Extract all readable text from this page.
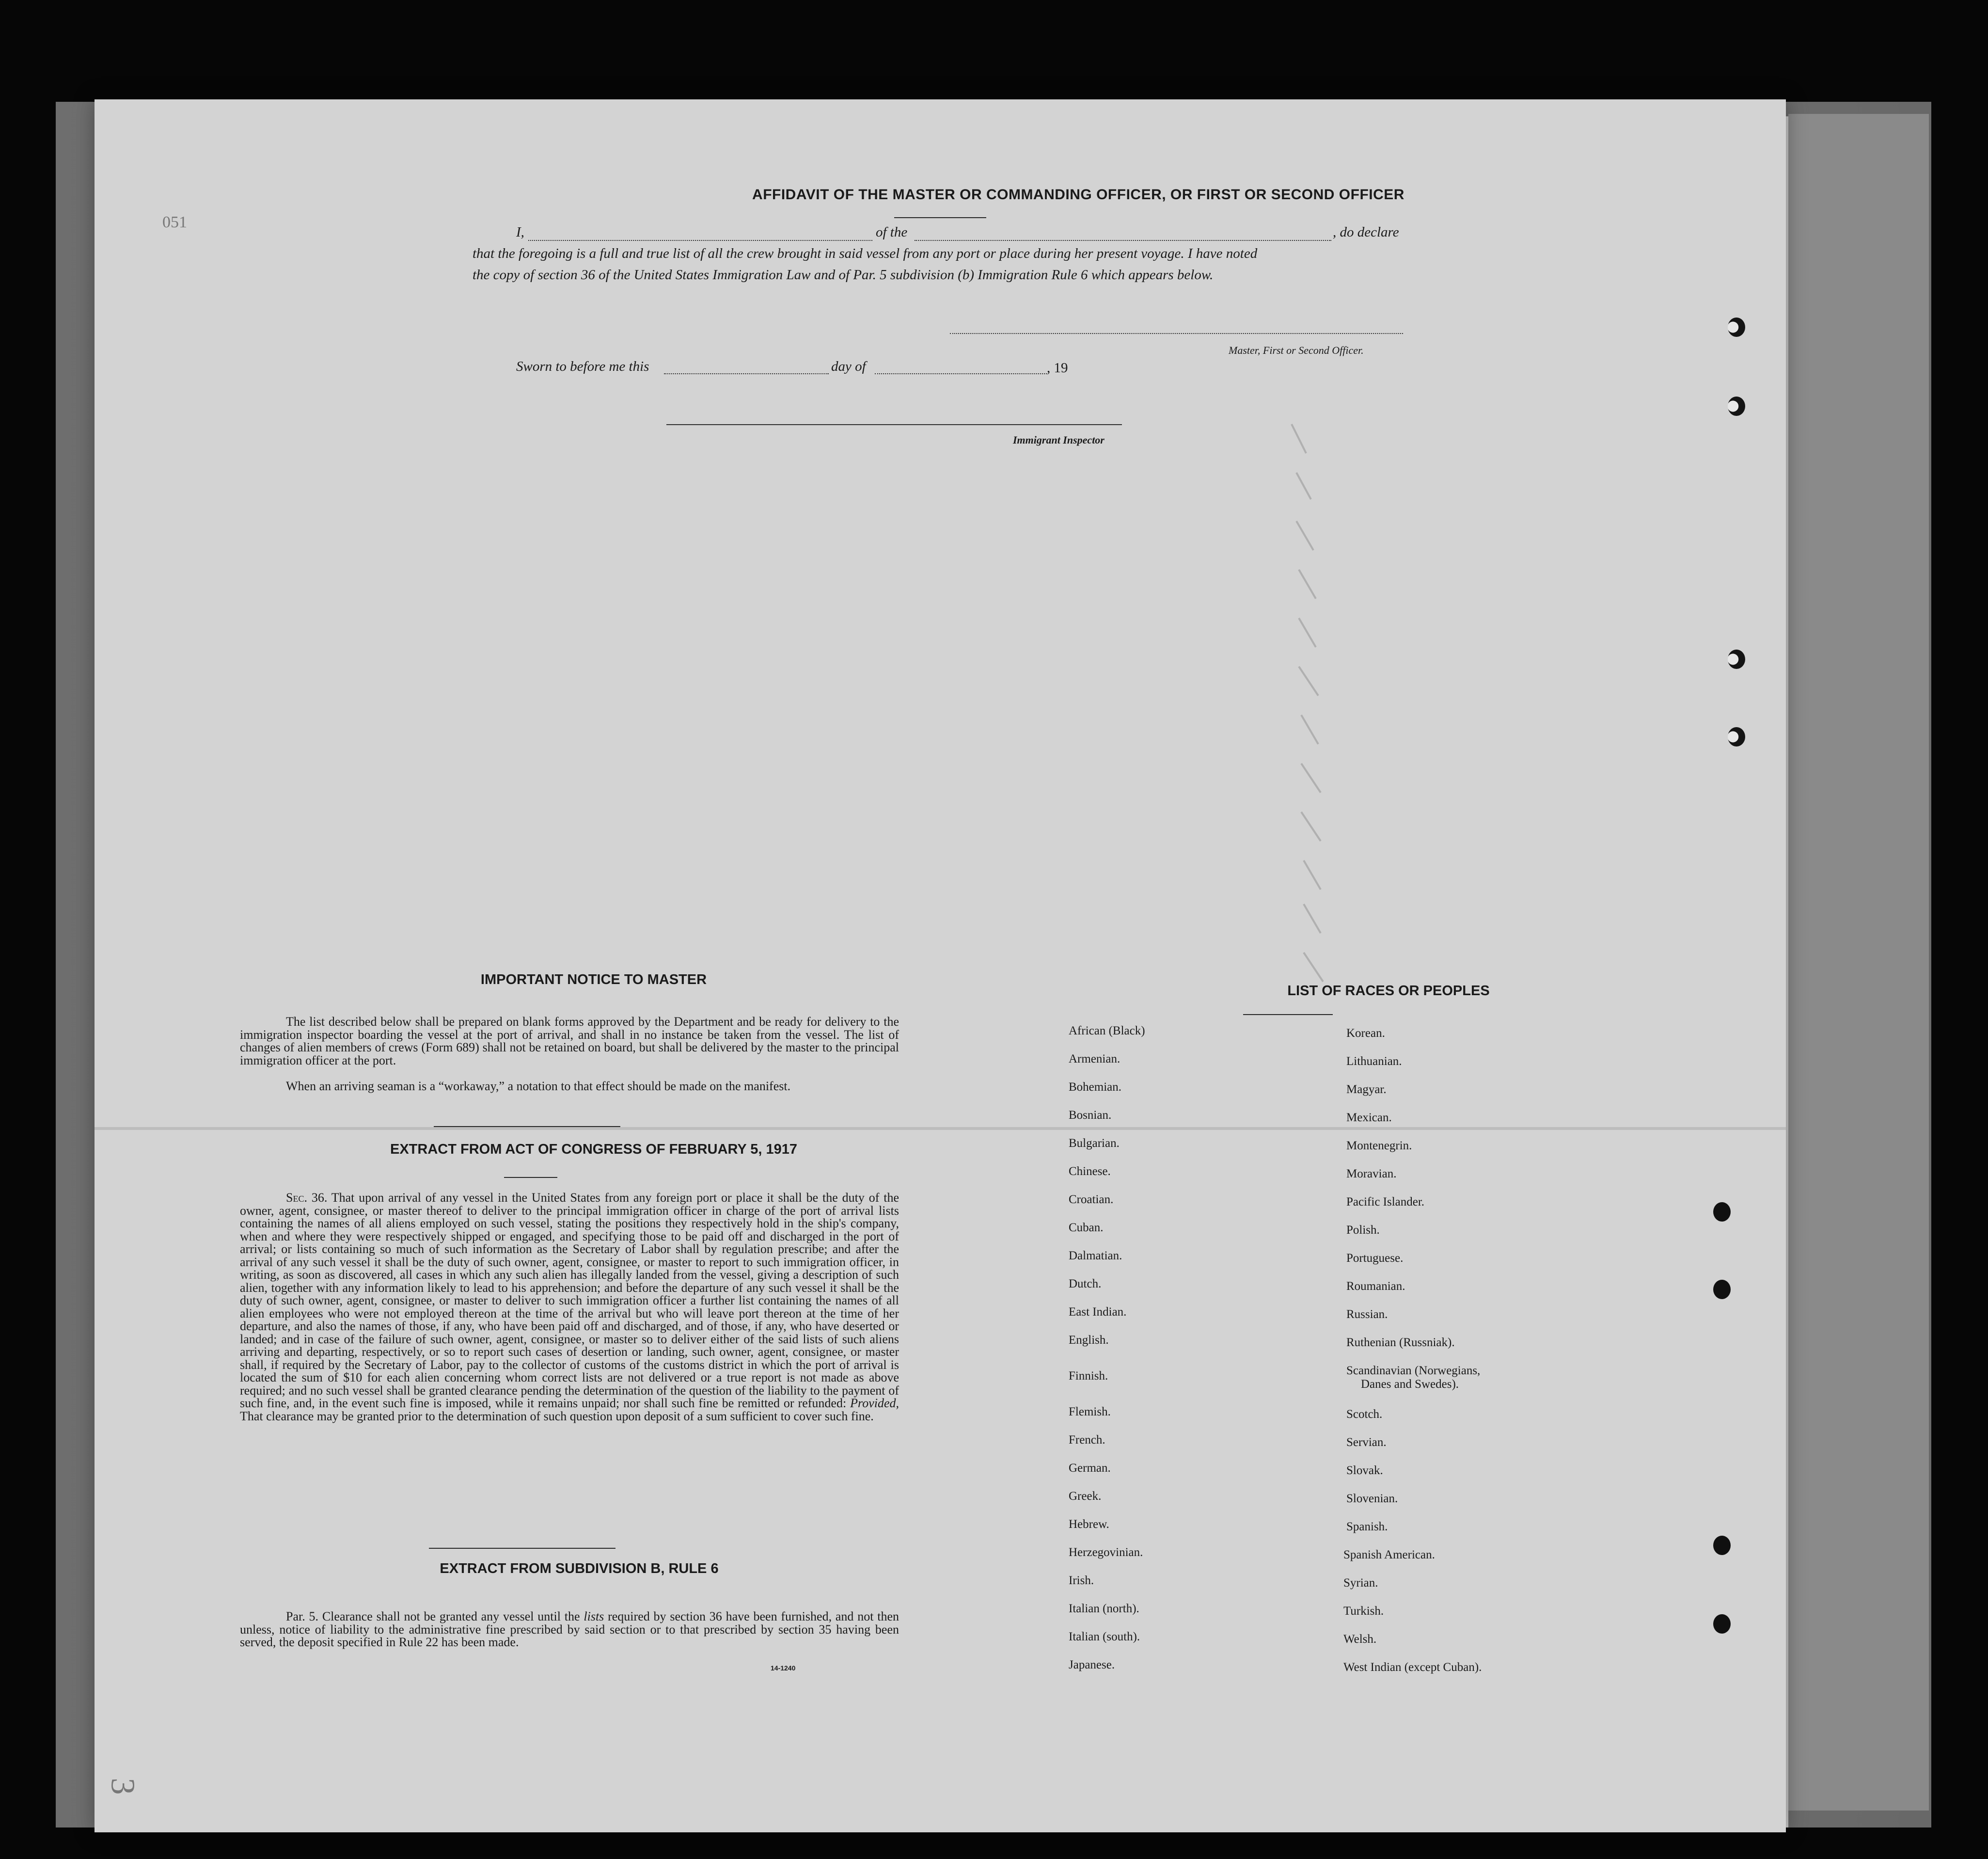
051
3
AFFIDAVIT OF THE MASTER OR COMMANDING OFFICER, OR FIRST OR SECOND OFFICER
I,	of the	, do declare
that the foregoing is a full and true list of all the crew brought in said vessel from any port or place during her present voyage. I have noted
the copy of section 36 of the United States Immigration Law and of Par. 5 subdivision (b) Immigration Rule 6 which appears below.
Master, First or Second Officer.
Sworn to before me this	day of	, 19
Immigrant Inspector
IMPORTANT NOTICE TO MASTER
The list described below shall be prepared on blank forms approved by the Department and be ready for delivery to the immigration inspector boarding the vessel at the port of arrival, and shall in no instance be taken from the vessel. The list of changes of alien members of crews (Form 689) shall not be retained on board, but shall be delivered by the master to the principal immigration officer at the port.
When an arriving seaman is a “workaway,” a notation to that effect should be made on the manifest.
EXTRACT FROM ACT OF CONGRESS OF FEBRUARY 5, 1917
Sec. 36. That upon arrival of any vessel in the United States from any foreign port or place it shall be the duty of the owner, agent, consignee, or master thereof to deliver to the principal immigration officer in charge of the port of arrival lists containing the names of all aliens employed on such vessel, stating the positions they respectively hold in the ship's company, when and where they were respectively shipped or engaged, and specifying those to be paid off and discharged in the port of arrival; or lists containing so much of such information as the Secretary of Labor shall by regulation prescribe; and after the arrival of any such vessel it shall be the duty of such owner, agent, consignee, or master to report to such immigration officer, in writing, as soon as discovered, all cases in which any such alien has illegally landed from the vessel, giving a description of such alien, together with any information likely to lead to his apprehension; and before the departure of any such vessel it shall be the duty of such owner, agent, consignee, or master to deliver to such immigration officer a further list containing the names of all alien employees who were not employed thereon at the time of the arrival but who will leave port thereon at the time of her departure, and also the names of those, if any, who have been paid off and discharged, and of those, if any, who have deserted or landed; and in case of the failure of such owner, agent, consignee, or master so to deliver either of the said lists of such aliens arriving and departing, respectively, or so to report such cases of desertion or landing, such owner, agent, consignee, or master shall, if required by the Secretary of Labor, pay to the collector of customs of the customs district in which the port of arrival is located the sum of $10 for each alien concerning whom correct lists are not delivered or a true report is not made as above required; and no such vessel shall be granted clearance pending the determination of the question of the liability to the payment of such fine, and, in the event such fine is imposed, while it remains unpaid; nor shall such fine be remitted or refunded: Provided, That clearance may be granted prior to the determination of such question upon deposit of a sum sufficient to cover such fine.
EXTRACT FROM SUBDIVISION B, RULE 6
Par. 5. Clearance shall not be granted any vessel until the lists required by section 36 have been furnished, and not then unless, notice of liability to the administrative fine prescribed by said section or to that prescribed by section 35 having been served, the deposit specified in Rule 22 has been made.
14-1240
LIST OF RACES OR PEOPLES
African (Black)
Armenian.
Bohemian.
Bosnian.
Bulgarian.
Chinese.
Croatian.
Cuban.
Dalmatian.
Dutch.
East Indian.
English.
Finnish.
Flemish.
French.
German.
Greek.
Hebrew.
Herzegovinian.
Irish.
Italian (north).
Italian (south).
Japanese.
Korean.
Lithuanian.
Magyar.
Mexican.
Montenegrin.
Moravian.
Pacific Islander.
Polish.
Portuguese.
Roumanian.
Russian.
Ruthenian (Russniak).
Scandinavian (Norwegians,
Danes and Swedes).
Scotch.
Servian.
Slovak.
Slovenian.
Spanish.
Spanish American.
Syrian.
Turkish.
Welsh.
West Indian (except Cuban).
